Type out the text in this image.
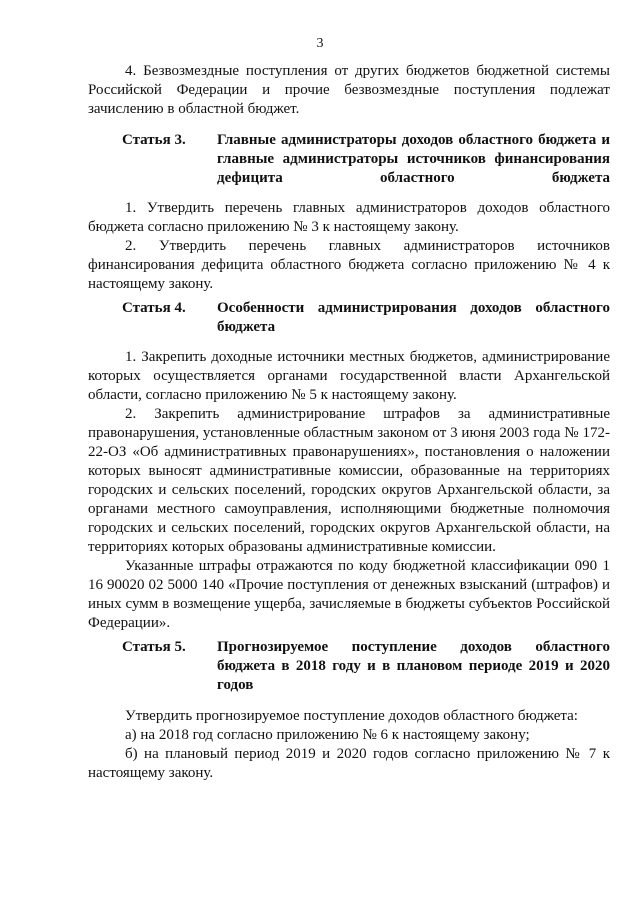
3

4. Безвозмездные поступления от других бюджетов бюджетной системы Российской Федерации и прочие безвозмездные поступления подлежат зачислению в областной бюджет.

Статья 3. Главные администраторы доходов областного бюджета и главные администраторы источников финансирования дефицита областного бюджета

1. Утвердить перечень главных администраторов доходов областного бюджета согласно приложению № 3 к настоящему закону.

2. Утвердить перечень главных администраторов источников финансирования дефицита областного бюджета согласно приложению № 4 к настоящему закону.

Статья 4. Особенности администрирования доходов областного бюджета

1. Закрепить доходные источники местных бюджетов, администрирование которых осуществляется органами государственной власти Архангельской области, согласно приложению № 5 к настоящему закону.

2. Закрепить администрирование штрафов за административные правонарушения, установленные областным законом от 3 июня 2003 года № 172-22-ОЗ «Об административных правонарушениях», постановления о наложении которых выносят административные комиссии, образованные на территориях городских и сельских поселений, городских округов Архангельской области, за органами местного самоуправления, исполняющими бюджетные полномочия городских и сельских поселений, городских округов Архангельской области, на территориях которых образованы административные комиссии.

Указанные штрафы отражаются по коду бюджетной классификации 090 1 16 90020 02 5000 140 «Прочие поступления от денежных взысканий (штрафов) и иных сумм в возмещение ущерба, зачисляемые в бюджеты субъектов Российской Федерации».

Статья 5. Прогнозируемое поступление доходов областного бюджета в 2018 году и в плановом периоде 2019 и 2020 годов

Утвердить прогнозируемое поступление доходов областного бюджета:

а) на 2018 год согласно приложению № 6 к настоящему закону;

б) на плановый период 2019 и 2020 годов согласно приложению № 7 к настоящему закону.
